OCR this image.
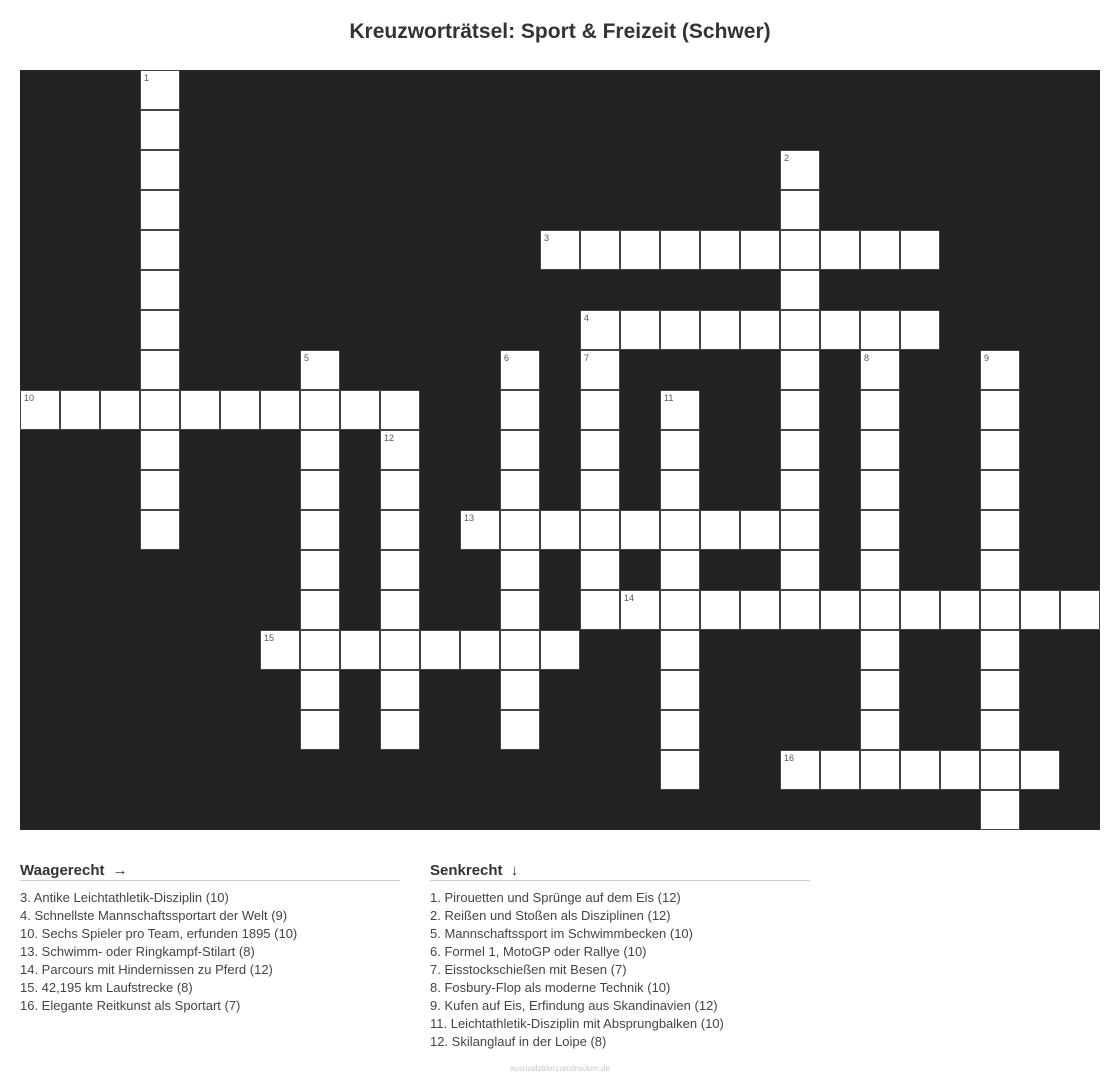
Kreuzworträtsel: Sport & Freizeit (Schwer)
1
2
3
4
5	6	7	8	9
10	11
12
13
14
15
16
Waagerecht →
3. Antike Leichtathletik-Disziplin (10)
4. Schnellste Mannschaftssportart der Welt (9)
10. Sechs Spieler pro Team, erfunden 1895 (10)
13. Schwimm- oder Ringkampf-Stilart (8)
14. Parcours mit Hindernissen zu Pferd (12)
15. 42,195 km Laufstrecke (8)
16. Elegante Reitkunst als Sportart (7)
Senkrecht ↓
1. Pirouetten und Sprünge auf dem Eis (12)
2. Reißen und Stoßen als Disziplinen (12)
5. Mannschaftssport im Schwimmbecken (10)
6. Formel 1, MotoGP oder Rallye (10)
7. Eisstockschießen mit Besen (7)
8. Fosbury-Flop als moderne Technik (10)
9. Kufen auf Eis, Erfindung aus Skandinavien (12)
11. Leichtathletik-Disziplin mit Absprungbalken (10)
12. Skilanglauf in der Loipe (8)
ausmalbilderzumdrucken.de
